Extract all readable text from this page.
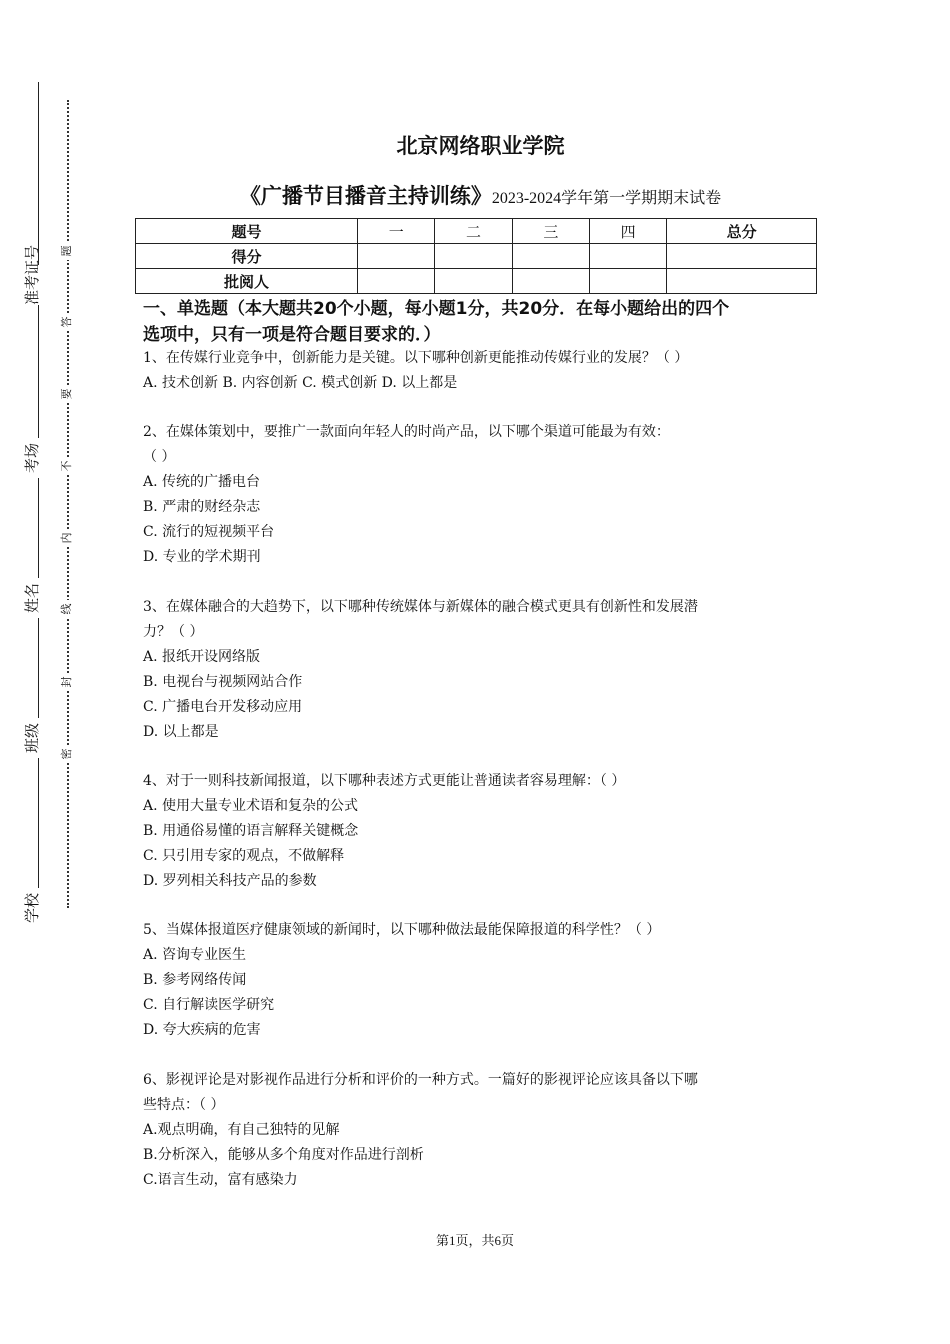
准考证号
考场
姓名
班级
学校
题
答
要
不
内
线
封
密
北京网络职业学院
《广播节目播音主持训练》2023-2024学年第一学期期末试卷
题号	一	二	三	四	总分
得分					
批阅人					
一、单选题（本大题共20个小题，每小题1分，共20分．在每小题给出的四个
选项中，只有一项是符合题目要求的．）

1、在传媒行业竞争中，创新能力是关键。以下哪种创新更能推动传媒行业的发展？（ ）

A. 技术创新 B. 内容创新 C. 模式创新 D. 以上都是

2、在媒体策划中，要推广一款面向年轻人的时尚产品，以下哪个渠道可能最为有效：

（ ）

A. 传统的广播电台

B. 严肃的财经杂志

C. 流行的短视频平台

D. 专业的学术期刊

3、在媒体融合的大趋势下，以下哪种传统媒体与新媒体的融合模式更具有创新性和发展潜

力？（ ）

A. 报纸开设网络版

B. 电视台与视频网站合作

C. 广播电台开发移动应用

D. 以上都是

4、对于一则科技新闻报道，以下哪种表述方式更能让普通读者容易理解：（ ）

A. 使用大量专业术语和复杂的公式

B. 用通俗易懂的语言解释关键概念

C. 只引用专家的观点，不做解释

D. 罗列相关科技产品的参数

5、当媒体报道医疗健康领域的新闻时，以下哪种做法最能保障报道的科学性？（ ）

A. 咨询专业医生

B. 参考网络传闻

C. 自行解读医学研究

D. 夸大疾病的危害

6、影视评论是对影视作品进行分析和评价的一种方式。一篇好的影视评论应该具备以下哪

些特点：（ ）

A.观点明确，有自己独特的见解

B.分析深入，能够从多个角度对作品进行剖析

C.语言生动，富有感染力

第1页，共6页
